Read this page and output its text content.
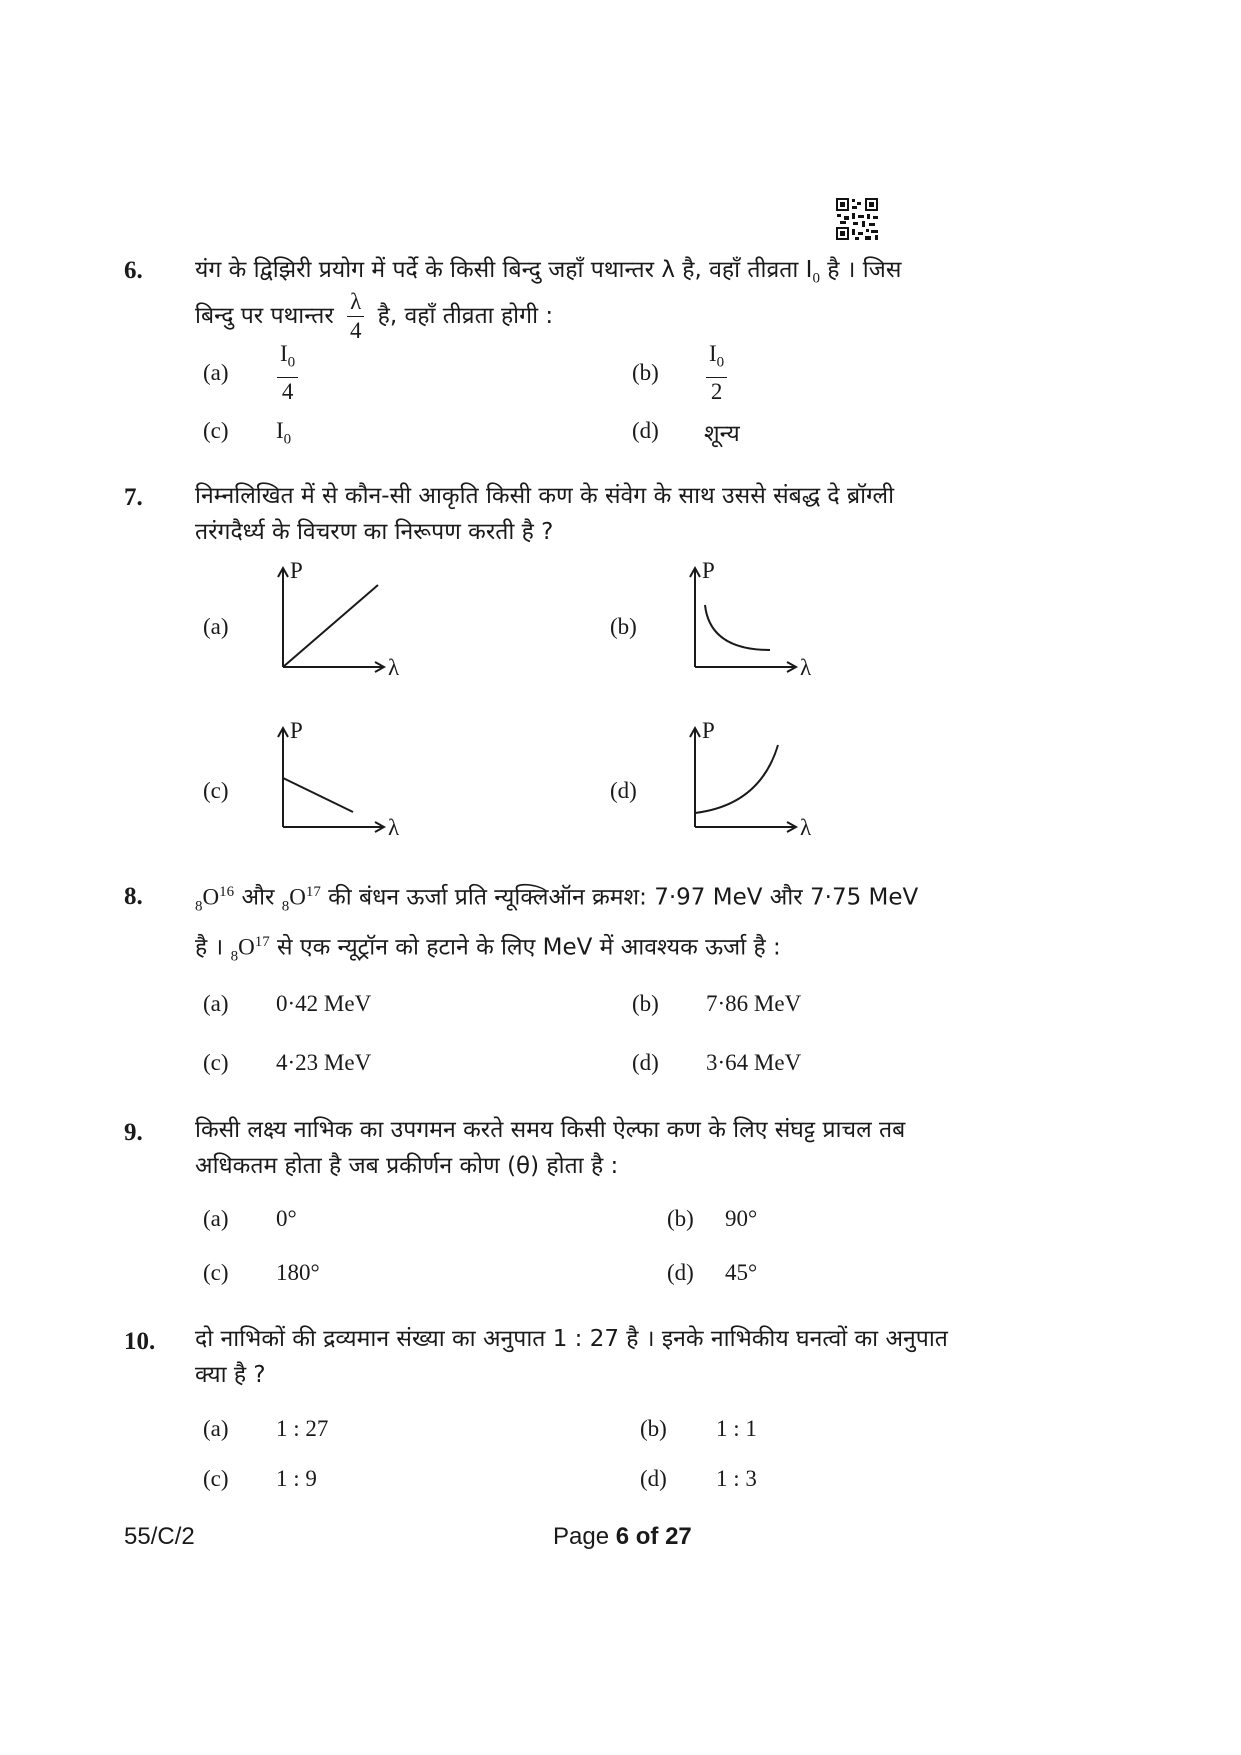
6. यंग के द्विझिरी प्रयोग में पर्दे के किसी बिन्दु जहाँ पथान्तर λ है, वहाँ तीव्रता $I_0$ है । जिस
बिन्दु पर पथान्तर $\frac{\lambda}{4}$ है, वहाँ तीव्रता होगी :
$(a) \frac{I_0}{4}$	$(b) \frac{I_0}{2}$
(c) $I_0$	(d) शून्य
7. निम्नलिखित में से कौन-सी आकृति किसी कण के संवेग के साथ उससे संबद्ध दे ब्रॉग्ली
तरंगदैर्ध्य के विचरण का निरूपण करती है ?
(a)
P
λ
(b)
P
λ
(c)
P
λ
(d)
P
λ
8.	$_8O^{16}$ और $_8O^{17}$ की बंधन ऊर्जा प्रति न्यूक्लिऑन क्रमश: 7·97 MeV और 7·75 MeV
है । $_8O^{17}$ से एक न्यूट्रॉन को हटाने के लिए MeV में आवश्यक ऊर्जा है :
(a) 0·42 MeV	(b) 7·86 MeV
(c) 4·23 MeV	(d) 3·64 MeV
9. किसी लक्ष्य नाभिक का उपगमन करते समय किसी ऐल्फा कण के लिए संघट्ट प्राचल तब
अधिकतम होता है जब प्रकीर्णन कोण (θ) होता है :
(a) 0°	(b) 90°
(c) 180°	(d) 45°
10. दो नाभिकों की द्रव्यमान संख्या का अनुपात 1 : 27 है । इनके नाभिकीय घनत्वों का अनुपात
क्या है ?
(a) 1 : 27	(b) 1 : 1
(c) 1 : 9	(d) 1 : 3
55/C/2	Page 6 of 27
